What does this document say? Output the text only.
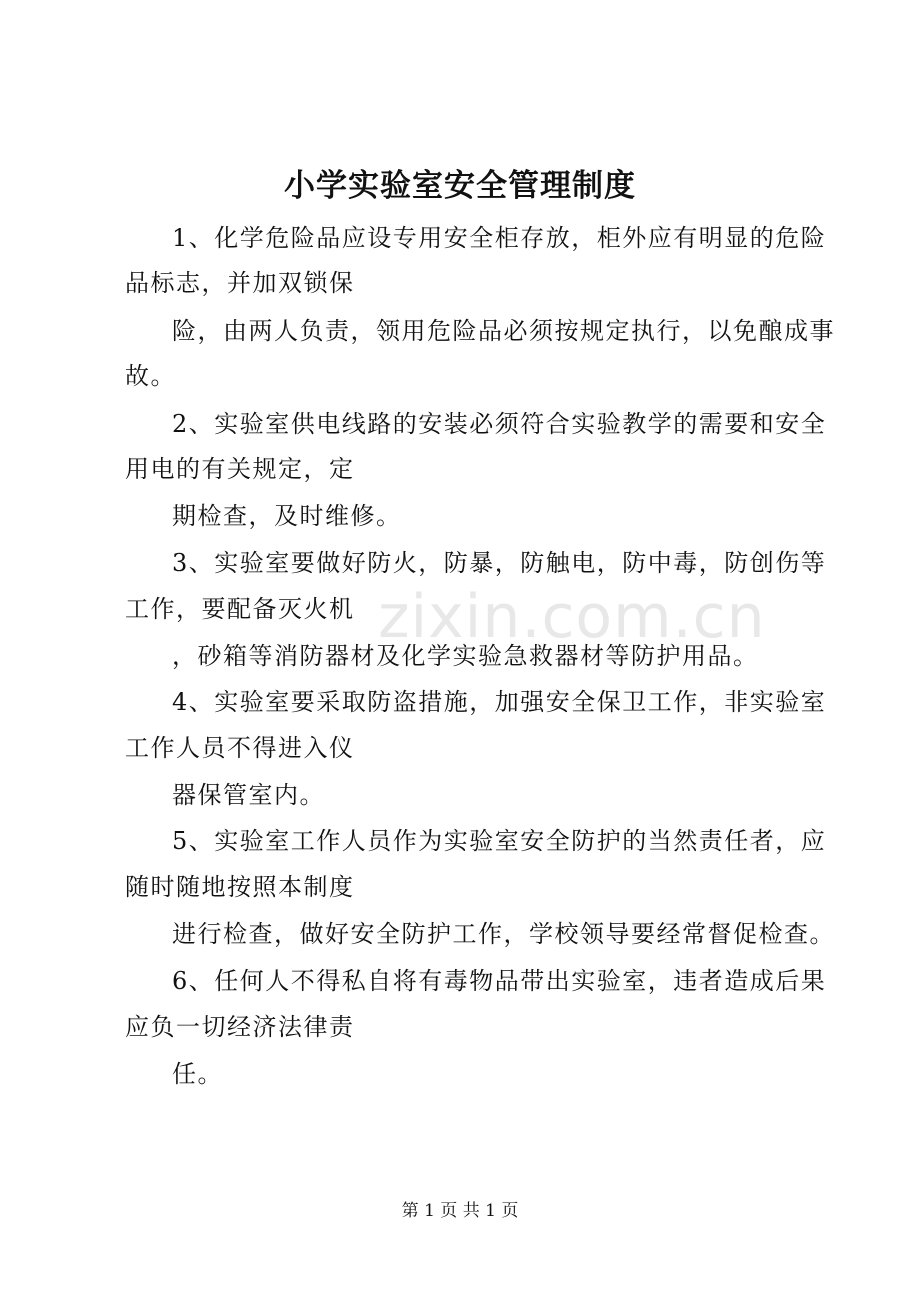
小学实验室安全管理制度
zixin.com.cn
1、化学危险品应设专用安全柜存放，柜外应有明显的危险
品标志，并加双锁保
险，由两人负责，领用危险品必须按规定执行，以免酿成事
故。
2、实验室供电线路的安装必须符合实验教学的需要和安全
用电的有关规定，定
期检查，及时维修。
3、实验室要做好防火，防暴，防触电，防中毒，防创伤等
工作，要配备灭火机
，砂箱等消防器材及化学实验急救器材等防护用品。
4、实验室要采取防盗措施，加强安全保卫工作，非实验室
工作人员不得进入仪
器保管室内。
5、实验室工作人员作为实验室安全防护的当然责任者，应
随时随地按照本制度
进行检查，做好安全防护工作，学校领导要经常督促检查。
6、任何人不得私自将有毒物品带出实验室，违者造成后果
应负一切经济法律责
任。
第 1 页 共 1 页
